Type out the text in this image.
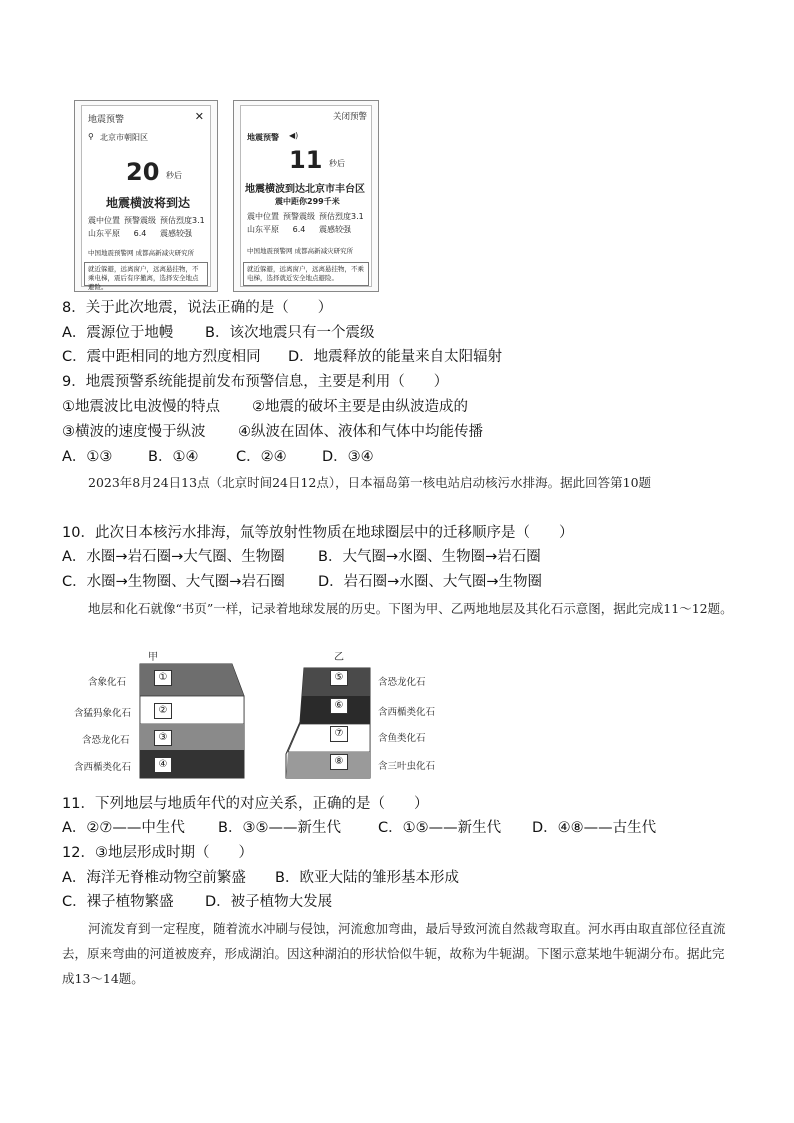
地震预警	✕
⚲ 北京市朝阳区
20 秒后
地震横波将到达
震中位置	预警震级	预估烈度3.1
山东平原	6.4	震感较强
中国地震预警网 成都高新减灾研究所
就近躲避，远离窗户，远离悬挂物，不乘电梯，震后有序撤离，选择安全地点避险。
关闭预警
地震预警 ◀)
11 秒后
地震横波到达北京市丰台区
震中距你299千米
震中位置	预警震级	预估烈度3.1
山东平原	6.4	震感较强
中国地震预警网 成都高新减灾研究所
就近躲避，远离窗户，远离悬挂物，不乘电梯，选择就近安全地点避险。
8．关于此次地震，说法正确的是（　　）
A．震源位于地幔 B．该次地震只有一个震级
C．震中距相同的地方烈度相同 D．地震释放的能量来自太阳辐射
9．地震预警系统能提前发布预警信息，主要是利用（　　）
①地震波比电波慢的特点 ②地震的破坏主要是由纵波造成的
③横波的速度慢于纵波 ④纵波在固体、液体和气体中均能传播
A．①③ B．①④	C．②④ D．③④
2023年8月24日13点（北京时间24日12点），日本福岛第一核电站启动核污水排海。据此回答第10题
10．此次日本核污水排海，氚等放射性物质在地球圈层中的迁移顺序是（　　）
A．水圈→岩石圈→大气圈、生物圈 B．大气圈→水圈、生物圈→岩石圈
C．水圈→生物圈、大气圈→岩石圈 D．岩石圈→水圈、大气圈→生物圈
地层和化石就像“书页”一样，记录着地球发展的历史。下图为甲、乙两地地层及其化石示意图，据此完成11～12题。
甲	乙
含象化石
含猛犸象化石
含恐龙化石
含西楯类化石
①
②
③
④
⑤
⑥
⑦
⑧
含恐龙化石
含西楯类化石
含鱼类化石
含三叶虫化石
11．下列地层与地质年代的对应关系，正确的是（　　）
A．②⑦——中生代 B．③⑤——新生代	C．①⑤——新生代 D．④⑧——古生代
12．③地层形成时期（　　）
A．海洋无脊椎动物空前繁盛 B．欧亚大陆的雏形基本形成
C．裸子植物繁盛 D．被子植物大发展
河流发育到一定程度，随着流水冲刷与侵蚀，河流愈加弯曲，最后导致河流自然裁弯取直。河水再由取直部位径直流去，原来弯曲的河道被废弃，形成湖泊。因这种湖泊的形状恰似牛轭，故称为牛轭湖。下图示意某地牛轭湖分布。据此完成13～14题。
